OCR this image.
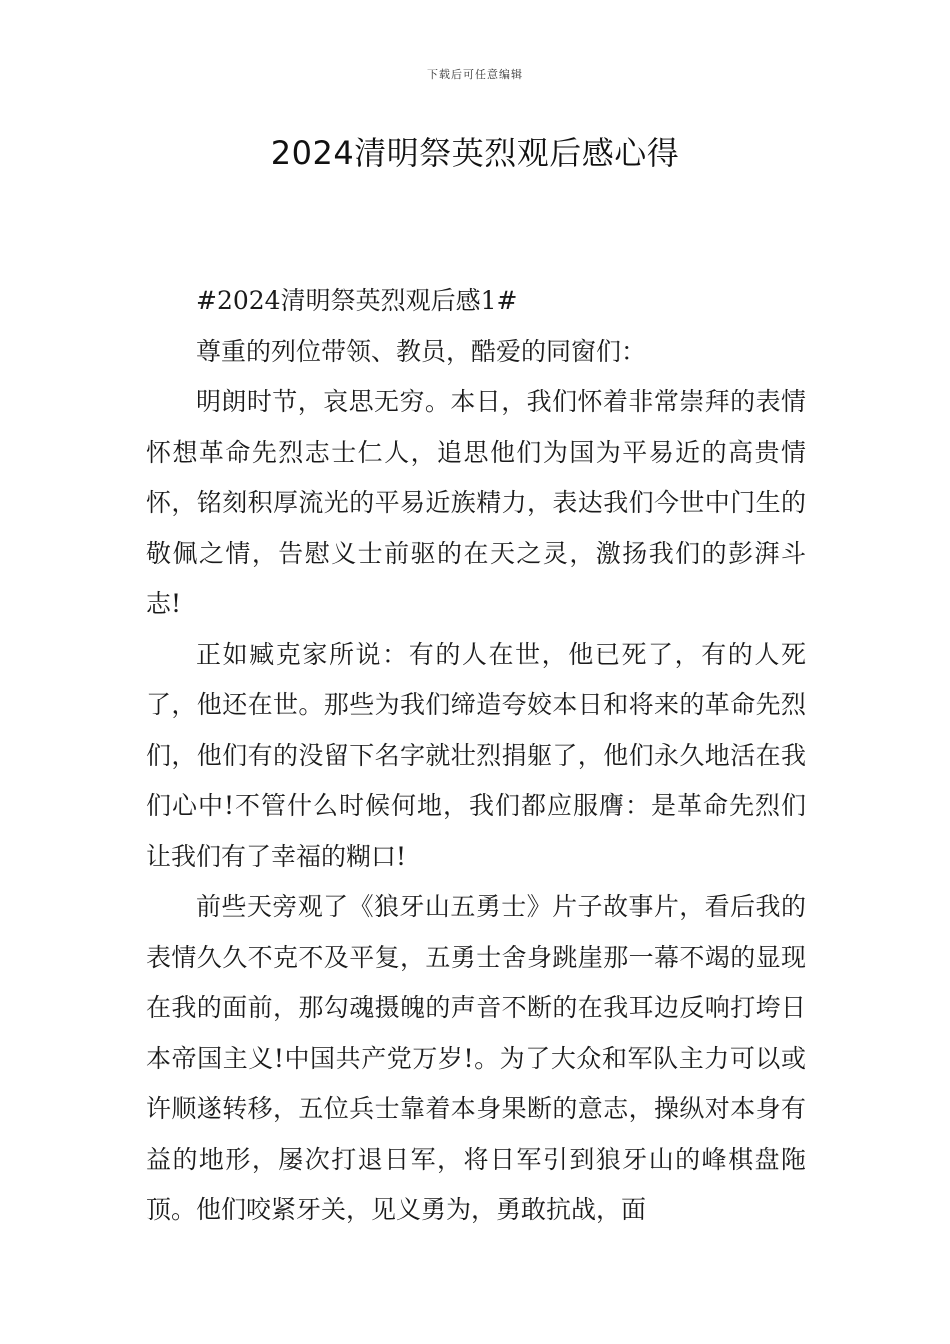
下载后可任意编辑
2024清明祭英烈观后感心得

#2024清明祭英烈观后感1#

尊重的列位带领、教员，酷爱的同窗们：

明朗时节，哀思无穷。本日，我们怀着非常崇拜的表情怀想革命先烈志士仁人，追思他们为国为平易近的高贵情怀，铭刻积厚流光的平易近族精力，表达我们今世中门生的敬佩之情，告慰义士前驱的在天之灵，激扬我们的彭湃斗志!

正如臧克家所说：有的人在世，他已死了，有的人死了，他还在世。那些为我们缔造夸姣本日和将来的革命先烈们，他们有的没留下名字就壮烈捐躯了，他们永久地活在我们心中!不管什么时候何地，我们都应服膺：是革命先烈们让我们有了幸福的糊口!

前些天旁观了《狼牙山五勇士》片子故事片，看后我的表情久久不克不及平复，五勇士舍身跳崖那一幕不竭的显现在我的面前，那勾魂摄魄的声音不断的在我耳边反响打垮日本帝国主义!中国共产党万岁!。为了大众和军队主力可以或许顺遂转移，五位兵士靠着本身果断的意志，操纵对本身有益的地形，屡次打退日军，将日军引到狼牙山的峰棋盘陁顶。他们咬紧牙关，见义勇为，勇敢抗战，面
